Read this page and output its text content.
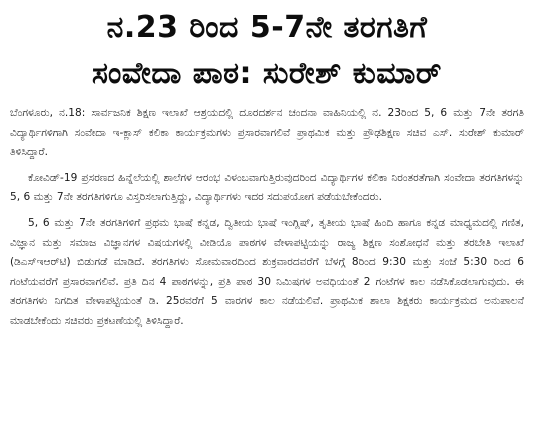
ನ.23 ರಿಂದ 5-7ನೇ ತರಗತಿಗೆ
ಸಂವೇದಾ ಪಾಠ: ಸುರೇಶ್ ಕುಮಾರ್

ಬೆಂಗಳೂರು, ನ.18: ಸಾರ್ವಜನಿಕ ಶಿಕ್ಷಣ ಇಲಾಖೆ ಆಶ್ರಯದಲ್ಲಿ ದೂರದರ್ಶನ ಚಂದನಾ ವಾಹಿನಿಯಲ್ಲಿ ನ. 23ರಿಂದ 5, 6 ಮತ್ತು 7ನೇ ತರಗತಿ ವಿದ್ಯಾರ್ಥಿಗಳಿಗಾಗಿ ಸಂವೇದಾ ಇ-ಕ್ಲಾಸ್ ಕಲಿಕಾ ಕಾರ್ಯಕ್ರಮಗಳು ಪ್ರಸಾರವಾಗಲಿವೆ ಪ್ರಾಥಮಿಕ ಮತ್ತು ಪ್ರೌಢಶಿಕ್ಷಣ ಸಚಿವ ಎಸ್. ಸುರೇಶ್ ಕುಮಾರ್ ತಿಳಿಸಿದ್ದಾರೆ.

ಕೋವಿಡ್-19 ಪ್ರಸರಣದ ಹಿನ್ನೆಲೆಯಲ್ಲಿ ಶಾಲೆಗಳ ಆರಂಭ ವಿಳಂಬವಾಗುತ್ತಿರುವುದರಿಂದ ವಿದ್ಯಾರ್ಥಿಗಳ ಕಲಿಕಾ ನಿರಂತರತೆಗಾಗಿ ಸಂವೇದಾ ತರಗತಿಗಳನ್ನು 5, 6 ಮತ್ತು 7ನೇ ತರಗತಿಗಳಿಗೂ ವಿಸ್ತರಿಸಲಾಗುತ್ತಿದ್ದು, ವಿದ್ಯಾರ್ಥಿಗಳು ಇದರ ಸದುಪಯೋಗ ಪಡೆಯಬೇಕೆಂದರು.

5, 6 ಮತ್ತು 7ನೇ ತರಗತಿಗಳಿಗೆ ಪ್ರಥಮ ಭಾಷೆ ಕನ್ನಡ, ದ್ವಿತೀಯ ಭಾಷೆ ಇಂಗ್ಲಿಷ್, ತೃತೀಯ ಭಾಷೆ ಹಿಂದಿ ಹಾಗೂ ಕನ್ನಡ ಮಾಧ್ಯಮದಲ್ಲಿ ಗಣಿತ, ವಿಜ್ಞಾನ ಮತ್ತು ಸಮಾಜ ವಿಜ್ಞಾನಗಳ ವಿಷಯಗಳಲ್ಲಿ ವೀಡಿಯೊ ಪಾಠಗಳ ವೇಳಾಪಟ್ಟಿಯನ್ನು ರಾಜ್ಯ ಶಿಕ್ಷಣ ಸಂಶೋಧನೆ ಮತ್ತು ತರಬೇತಿ ಇಲಾಖೆ (ಡಿಎಸ್ಇಆರ್‌ಟಿ) ಬಿಡುಗಡೆ ಮಾಡಿದೆ. ತರಗತಿಗಳು ಸೋಮವಾರದಿಂದ ಶುಕ್ರವಾರದವರೆಗೆ ಬೆಳಗ್ಗೆ 8ರಿಂದ 9:30 ಮತ್ತು ಸಂಜೆ 5:30 ರಿಂದ 6 ಗಂಟೆಯವರೆಗೆ ಪ್ರಸಾರವಾಗಲಿವೆ. ಪ್ರತಿ ದಿನ 4 ಪಾಠಗಳನ್ನು, ಪ್ರತಿ ಪಾಠ 30 ನಿಮಿಷಗಳ ಅವಧಿಯಂತೆ 2 ಗಂಟೆಗಳ ಕಾಲ ನಡೆಸಿಕೊಡಲಾಗುವುದು. ಈ ತರಗತಿಗಳು ನಿಗದಿತ ವೇಳಾಪಟ್ಟಿಯಂತೆ ಡಿ. 25ರವರೆಗೆ 5 ವಾರಗಳ ಕಾಲ ನಡೆಯಲಿವೆ. ಪ್ರಾಥಮಿಕ ಶಾಲಾ ಶಿಕ್ಷಕರು ಕಾರ್ಯಕ್ರಮದ ಅನುಪಾಲನೆ ಮಾಡಬೇಕೆಂದು ಸಚಿವರು ಪ್ರಕಟಣೆಯಲ್ಲಿ ತಿಳಿಸಿದ್ದಾರೆ.
